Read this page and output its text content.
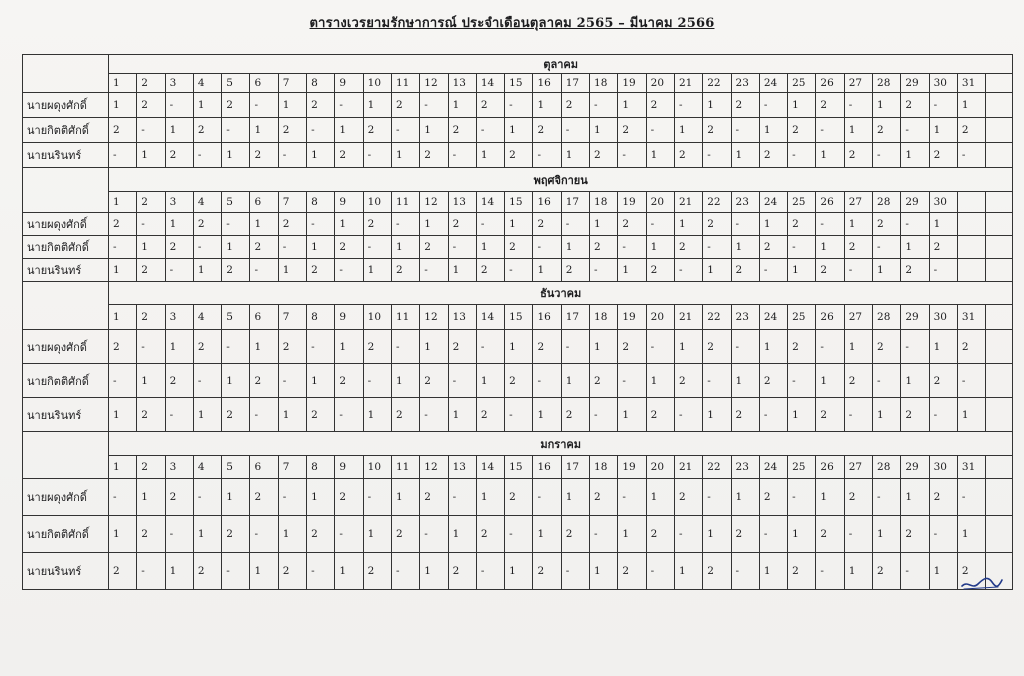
ตารางเวรยามรักษาการณ์ ประจำเดือนตุลาคม 2565 – มีนาคม 2566
	ตุลาคม																															
	1	2	3	4	5	6	7	8	9	10	11	12	13	14	15	16	17	18	19	20	21	22	23	24	25	26	27	28	29	30	31	
นายผดุงศักดิ์	1	2	-	1	2	-	1	2	-	1	2	-	1	2	-	1	2	-	1	2	-	1	2	-	1	2	-	1	2	-	1	
นายกิตติศักดิ์	2	-	1	2	-	1	2	-	1	2	-	1	2	-	1	2	-	1	2	-	1	2	-	1	2	-	1	2	-	1	2	
นายนรินทร์	-	1	2	-	1	2	-	1	2	-	1	2	-	1	2	-	1	2	-	1	2	-	1	2	-	1	2	-	1	2	-	
	พฤศจิกายน																															
	1	2	3	4	5	6	7	8	9	10	11	12	13	14	15	16	17	18	19	20	21	22	23	24	25	26	27	28	29	30		
นายผดุงศักดิ์	2	-	1	2	-	1	2	-	1	2	-	1	2	-	1	2	-	1	2	-	1	2	-	1	2	-	1	2	-	1		
นายกิตติศักดิ์	-	1	2	-	1	2	-	1	2	-	1	2	-	1	2	-	1	2	-	1	2	-	1	2	-	1	2	-	1	2		
นายนรินทร์	1	2	-	1	2	-	1	2	-	1	2	-	1	2	-	1	2	-	1	2	-	1	2	-	1	2	-	1	2	-		
	ธันวาคม																															
	1	2	3	4	5	6	7	8	9	10	11	12	13	14	15	16	17	18	19	20	21	22	23	24	25	26	27	28	29	30	31	
นายผดุงศักดิ์	2	-	1	2	-	1	2	-	1	2	-	1	2	-	1	2	-	1	2	-	1	2	-	1	2	-	1	2	-	1	2	
นายกิตติศักดิ์	-	1	2	-	1	2	-	1	2	-	1	2	-	1	2	-	1	2	-	1	2	-	1	2	-	1	2	-	1	2	-	
นายนรินทร์	1	2	-	1	2	-	1	2	-	1	2	-	1	2	-	1	2	-	1	2	-	1	2	-	1	2	-	1	2	-	1	
	มกราคม																															
	1	2	3	4	5	6	7	8	9	10	11	12	13	14	15	16	17	18	19	20	21	22	23	24	25	26	27	28	29	30	31	
นายผดุงศักดิ์	-	1	2	-	1	2	-	1	2	-	1	2	-	1	2	-	1	2	-	1	2	-	1	2	-	1	2	-	1	2	-	
นายกิตติศักดิ์	1	2	-	1	2	-	1	2	-	1	2	-	1	2	-	1	2	-	1	2	-	1	2	-	1	2	-	1	2	-	1	
นายนรินทร์	2	-	1	2	-	1	2	-	1	2	-	1	2	-	1	2	-	1	2	-	1	2	-	1	2	-	1	2	-	1	2	
